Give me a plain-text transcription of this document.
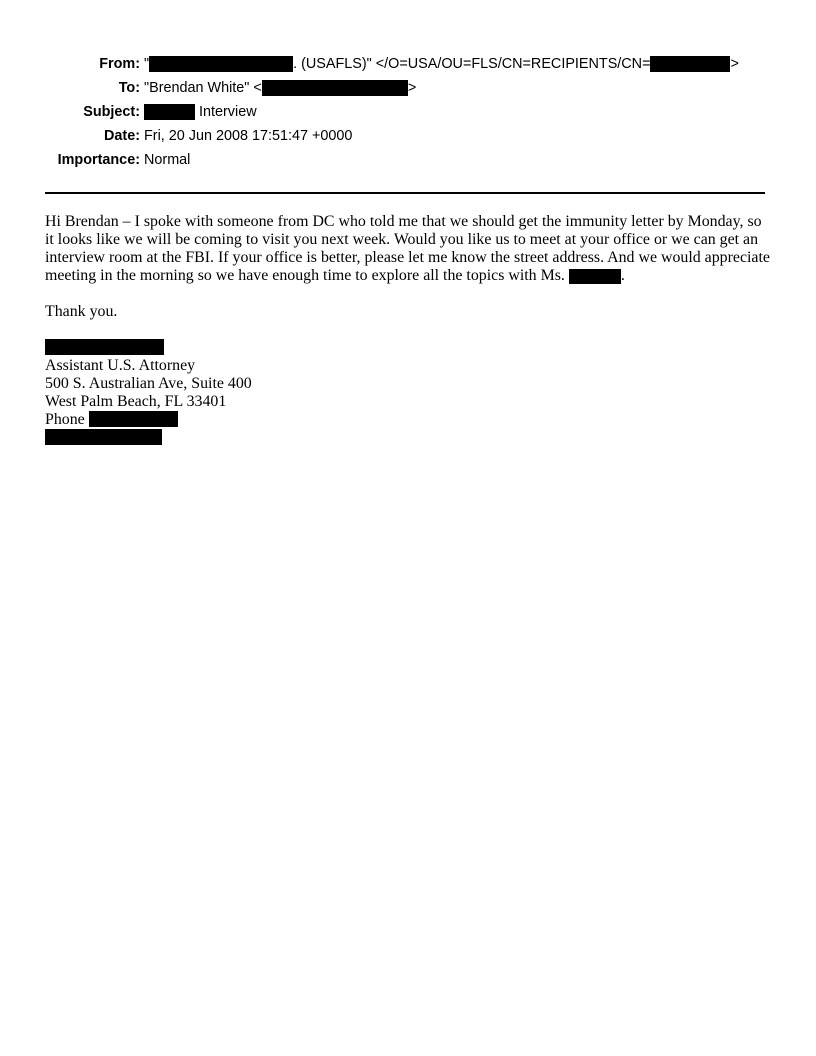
From: "	. (USAFLS)" </O=USA/OU=FLS/CN=RECIPIENTS/CN=	>
To: "Brendan White" <	>
Subject:	Interview
Date: Fri, 20 Jun 2008 17:51:47 +0000
Importance: Normal

Hi Brendan – I spoke with someone from DC who told me that we should get the immunity letter by Monday, so it looks like we will be coming to visit you next week. Would you like us to meet at your office or we can get an interview room at the FBI. If your office is better, please let me know the street address. And we would appreciate meeting in the morning so we have enough time to explore all the topics with Ms.	.

Thank you.

Assistant U.S. Attorney
500 S. Australian Ave, Suite 400
West Palm Beach, FL 33401
Phone
